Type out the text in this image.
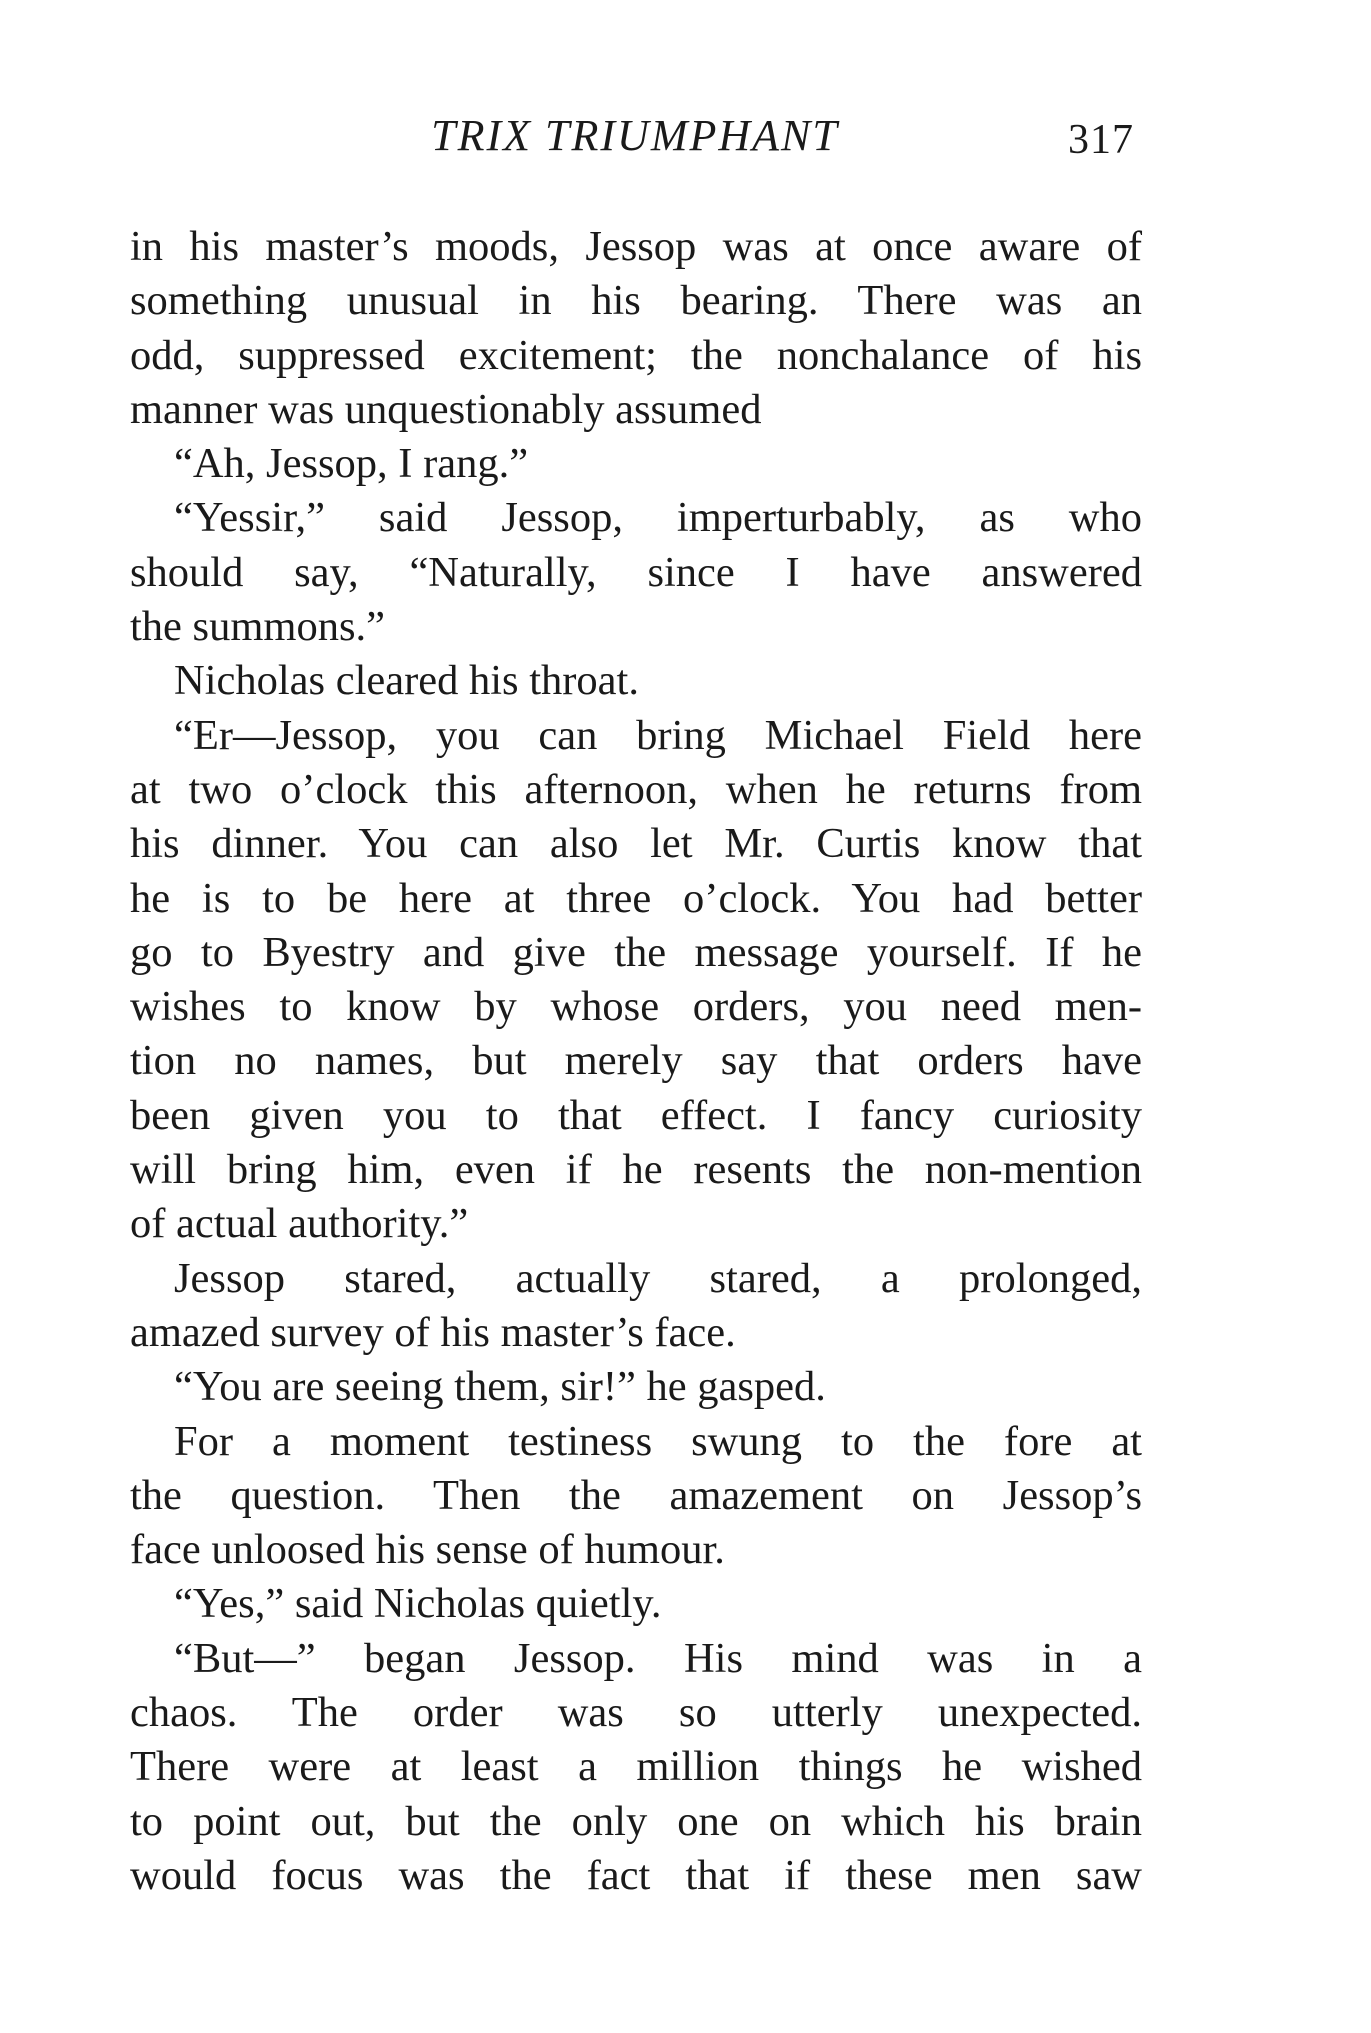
TRIX TRIUMPHANT	317
in his master’s moods, Jessop was at once aware of
something unusual in his bearing. There was an
odd, suppressed excitement; the nonchalance of his
manner was unquestionably assumed
“Ah, Jessop, I rang.”
“Yessir,” said Jessop, imperturbably, as who
should say, “Naturally, since I have answered
the summons.”
Nicholas cleared his throat.
“Er—Jessop, you can bring Michael Field here
at two o’clock this afternoon, when he returns from
his dinner. You can also let Mr. Curtis know that
he is to be here at three o’clock. You had better
go to Byestry and give the message yourself. If he
wishes to know by whose orders, you need men-
tion no names, but merely say that orders have
been given you to that effect. I fancy curiosity
will bring him, even if he resents the non-mention
of actual authority.”
Jessop stared, actually stared, a prolonged,
amazed survey of his master’s face.
“You are seeing them, sir!” he gasped.
For a moment testiness swung to the fore at
the question. Then the amazement on Jessop’s
face unloosed his sense of humour.
“Yes,” said Nicholas quietly.
“But—” began Jessop. His mind was in a
chaos. The order was so utterly unexpected.
There were at least a million things he wished
to point out, but the only one on which his brain
would focus was the fact that if these men saw
